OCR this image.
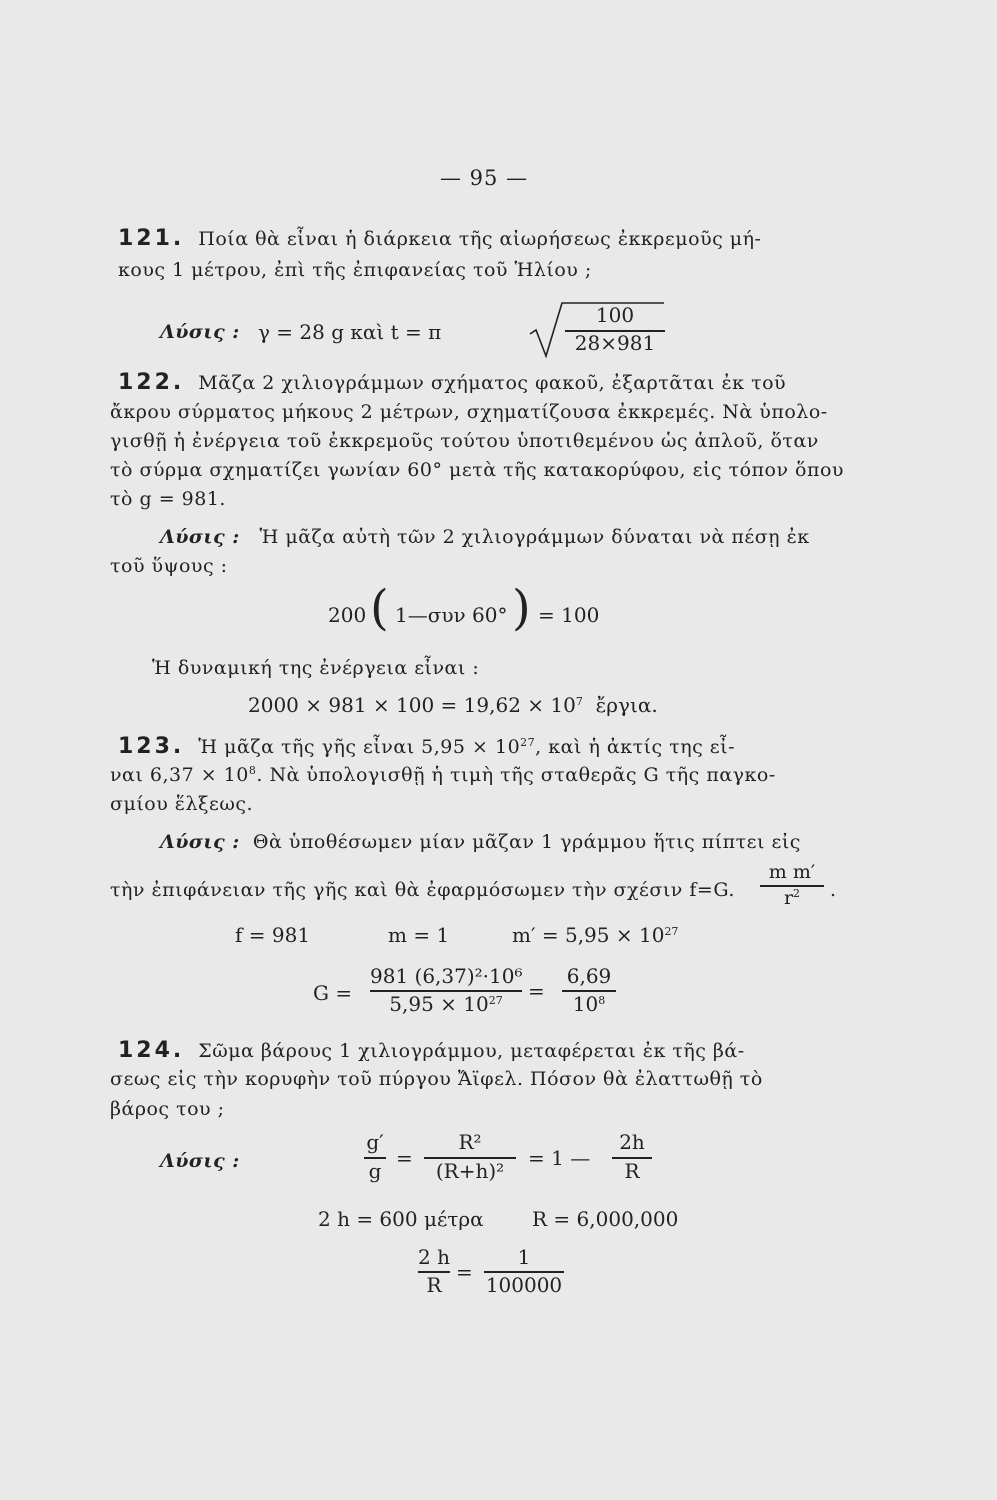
— 95 —
121. Ποία θὰ εἶναι ἡ διάρκεια τῆς αἰωρήσεως ἐκκρεμοῦς μή-
κους 1 μέτρου, ἐπὶ τῆς ἐπιφανείας τοῦ Ἡλίου ;
Λύσις : γ = 28 g καὶ t = π
100
28×981
122. Μᾶζα 2 χιλιογράμμων σχήματος φακοῦ, ἐξαρτᾶται ἐκ τοῦ
ἄκρου σύρματος μήκους 2 μέτρων, σχηματίζουσα ἐκκρεμές. Νὰ ὑπολο-
γισθῇ ἡ ἐνέργεια τοῦ ἐκκρεμοῦς τούτου ὑποτιθεμένου ὡς ἁπλοῦ, ὅταν
τὸ σύρμα σχηματίζει γωνίαν 60° μετὰ τῆς κατακορύφου, εἰς τόπον ὅπου
τὸ g = 981.
Λύσις : Ἡ μᾶζα αὐτὴ τῶν 2 χιλιογράμμων δύναται νὰ πέσῃ ἐκ
τοῦ ὕψους :
200 ( 1—συν 60° ) = 100
Ἡ δυναμική της ἐνέργεια εἶναι :
$2000 \times 981 \times 100 = 19,62 \times 10^7$ ἔργια.
123. Ἡ μᾶζα τῆς γῆς εἶναι $5,95 \times 10^{27}$, καὶ ἡ ἀκτίς της εἶ-
ναι $6,37 \times 10^8$. Νὰ ὑπολογισθῇ ἡ τιμὴ τῆς σταθερᾶς G τῆς παγκο-
σμίου ἕλξεως.
Λύσις : Θὰ ὑποθέσωμεν μίαν μᾶζαν 1 γράμμου ἥτις πίπτει εἰς
τὴν ἐπιφάνειαν τῆς γῆς καὶ θὰ ἐφαρμόσωμεν τὴν σχέσιν f=G.
m m′
$r^2$	.
f = 981	m = 1	$m' = 5,95 \times 10^{27}$
G =
981 (6,37)²·10⁶
$5,95 \times 10^{27}$	=
6,69
$10^8$
124. Σῶμα βάρους 1 χιλιογράμμου, μεταφέρεται ἐκ τῆς βά-
σεως εἰς τὴν κορυφὴν τοῦ πύργου Ἄϊφελ. Πόσον θὰ ἐλαττωθῇ τὸ
βάρος του ;
Λύσις :
g′
g
=
R²
(R+h)²
= 1 —
2h
R
2 h = 600 μέτρα R = 6,000,000
2 h
R
=
1
100000
